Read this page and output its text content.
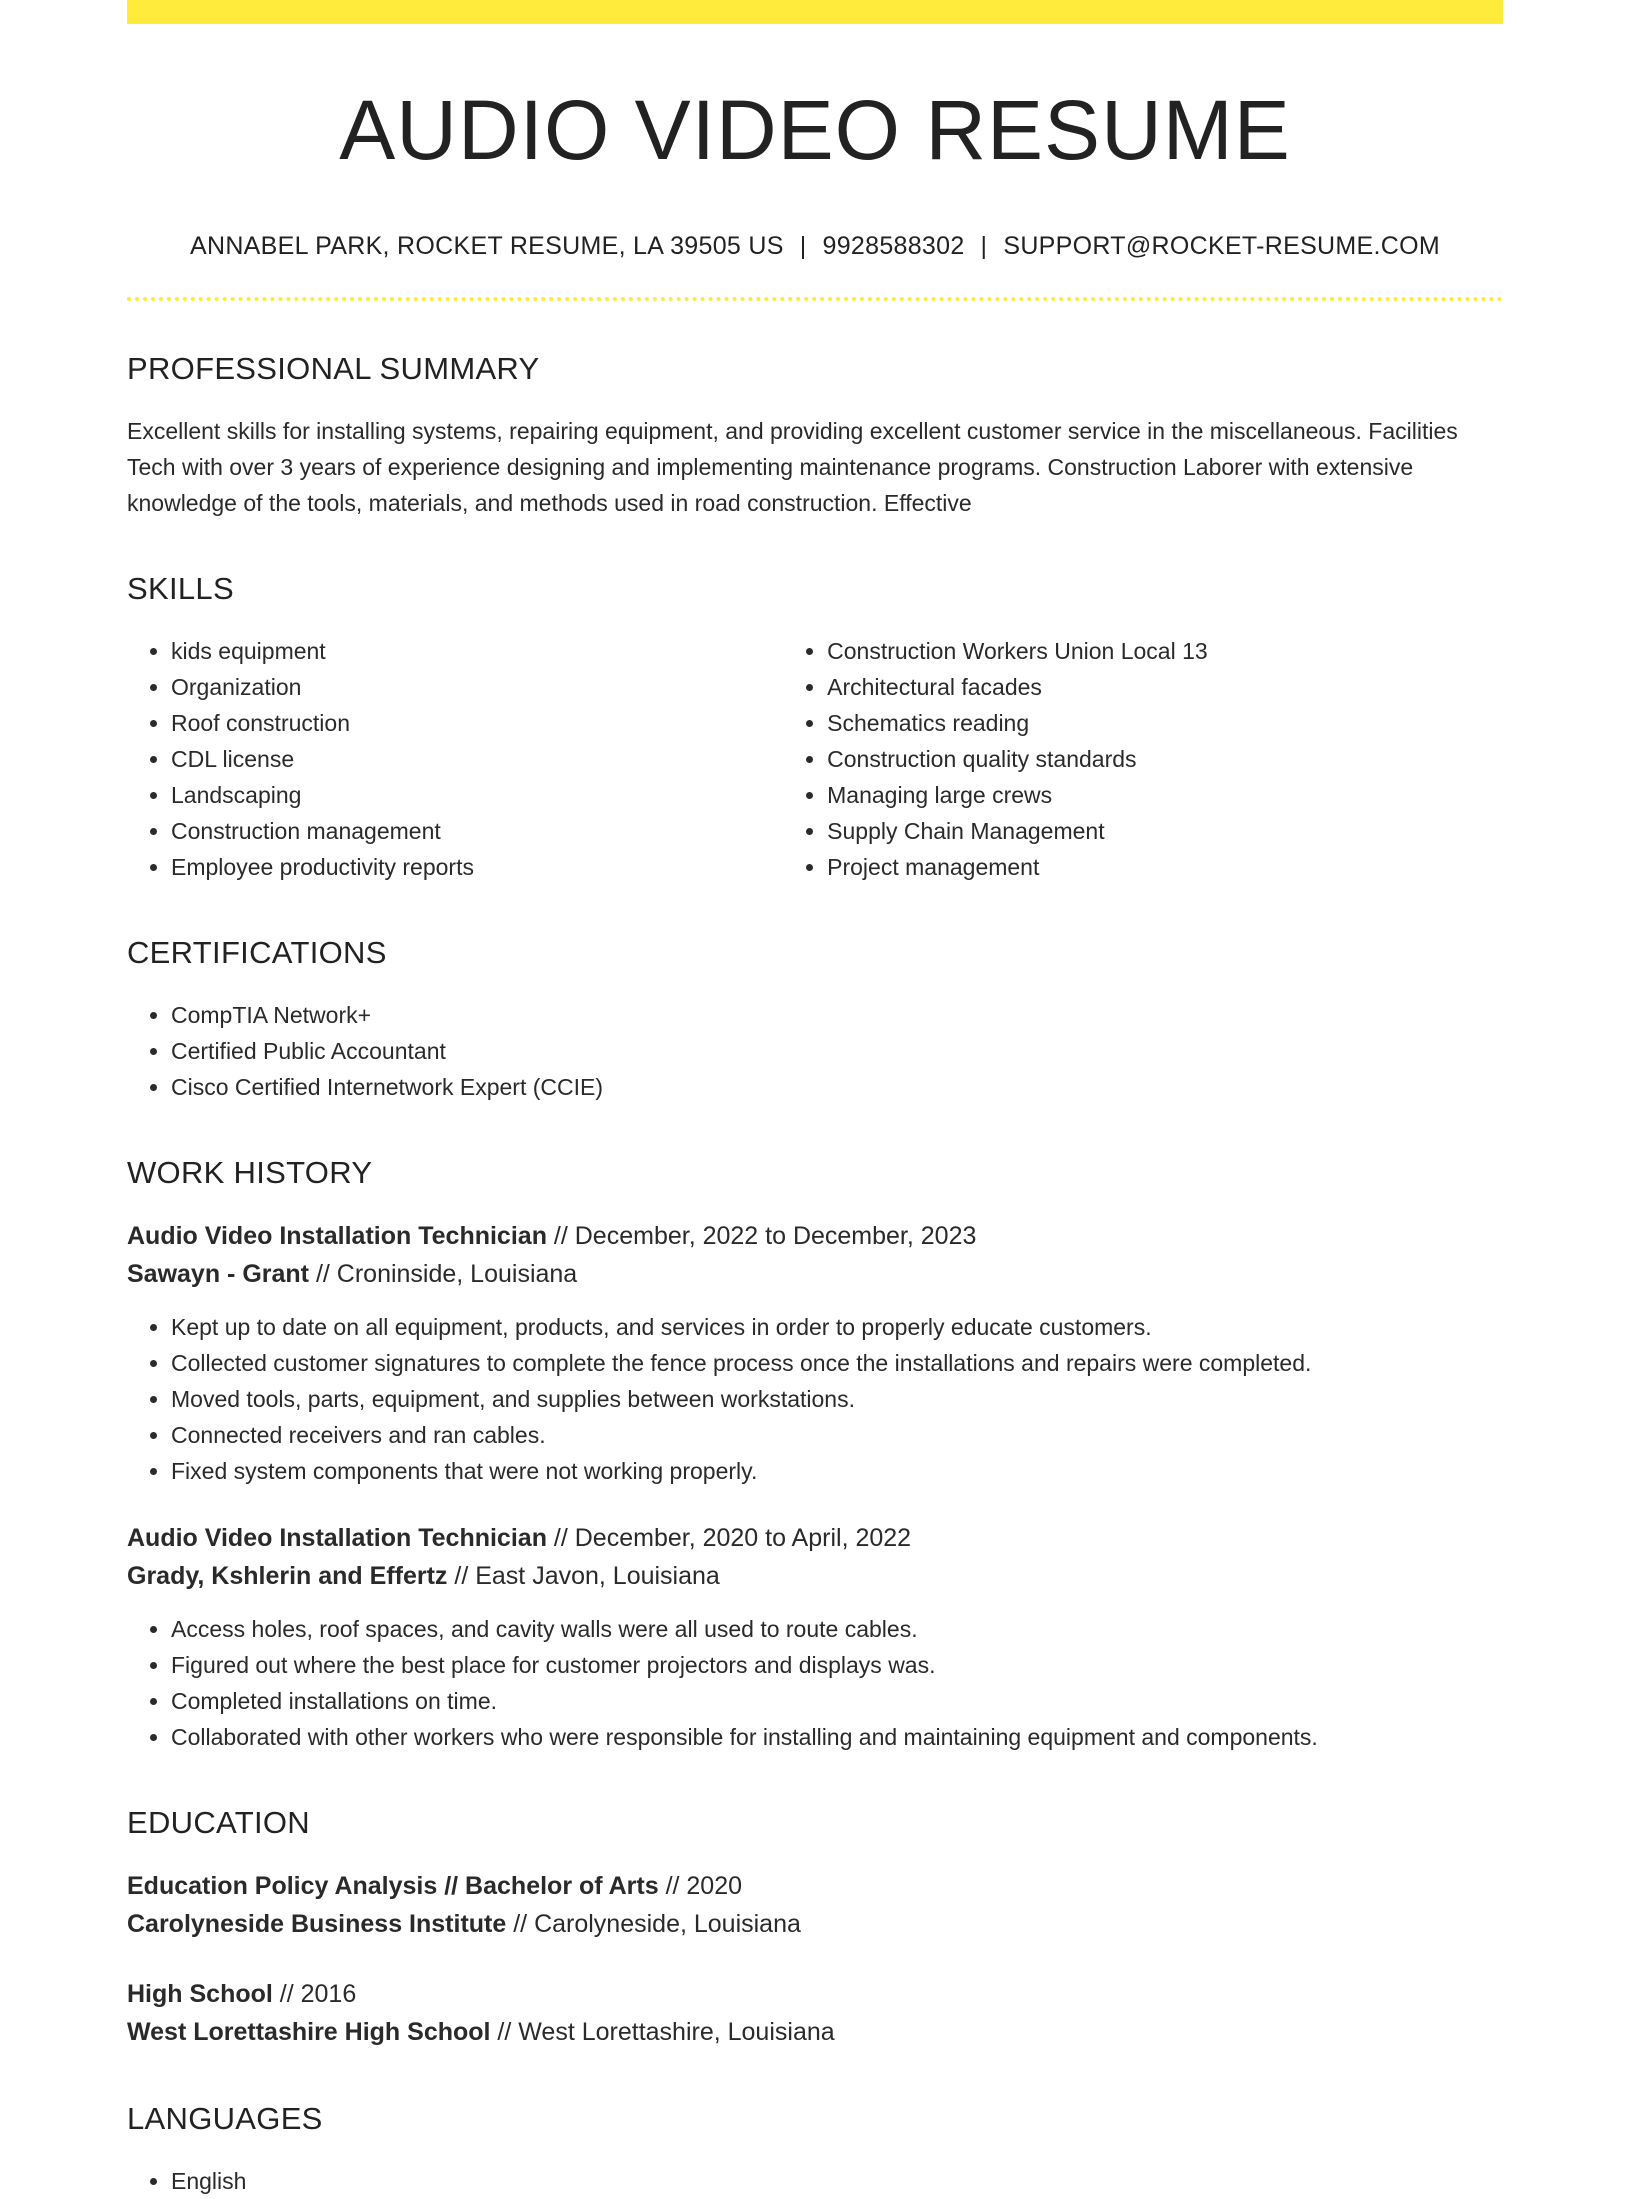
AUDIO VIDEO RESUME
ANNABEL PARK, ROCKET RESUME, LA 39505 US | 9928588302 | SUPPORT@ROCKET-RESUME.COM
PROFESSIONAL SUMMARY

Excellent skills for installing systems, repairing equipment, and providing excellent customer service in the miscellaneous. Facilities Tech with over 3 years of experience designing and implementing maintenance programs. Construction Laborer with extensive knowledge of the tools, materials, and methods used in road construction. Effective

SKILLS
• kids equipment
• Organization
• Roof construction
• CDL license
• Landscaping
• Construction management
• Employee productivity reports
• Construction Workers Union Local 13
• Architectural facades
• Schematics reading
• Construction quality standards
• Managing large crews
• Supply Chain Management
• Project management
CERTIFICATIONS
• CompTIA Network+
• Certified Public Accountant
• Cisco Certified Internetwork Expert (CCIE)
WORK HISTORY
Audio Video Installation Technician // December, 2022 to December, 2023
Sawayn - Grant // Croninside, Louisiana
• Kept up to date on all equipment, products, and services in order to properly educate customers.
• Collected customer signatures to complete the fence process once the installations and repairs were completed.
• Moved tools, parts, equipment, and supplies between workstations.
• Connected receivers and ran cables.
• Fixed system components that were not working properly.
Audio Video Installation Technician // December, 2020 to April, 2022
Grady, Kshlerin and Effertz // East Javon, Louisiana
• Access holes, roof spaces, and cavity walls were all used to route cables.
• Figured out where the best place for customer projectors and displays was.
• Completed installations on time.
• Collaborated with other workers who were responsible for installing and maintaining equipment and components.
EDUCATION
Education Policy Analysis // Bachelor of Arts // 2020
Carolyneside Business Institute // Carolyneside, Louisiana
High School // 2016
West Lorettashire High School // West Lorettashire, Louisiana
LANGUAGES
• English
